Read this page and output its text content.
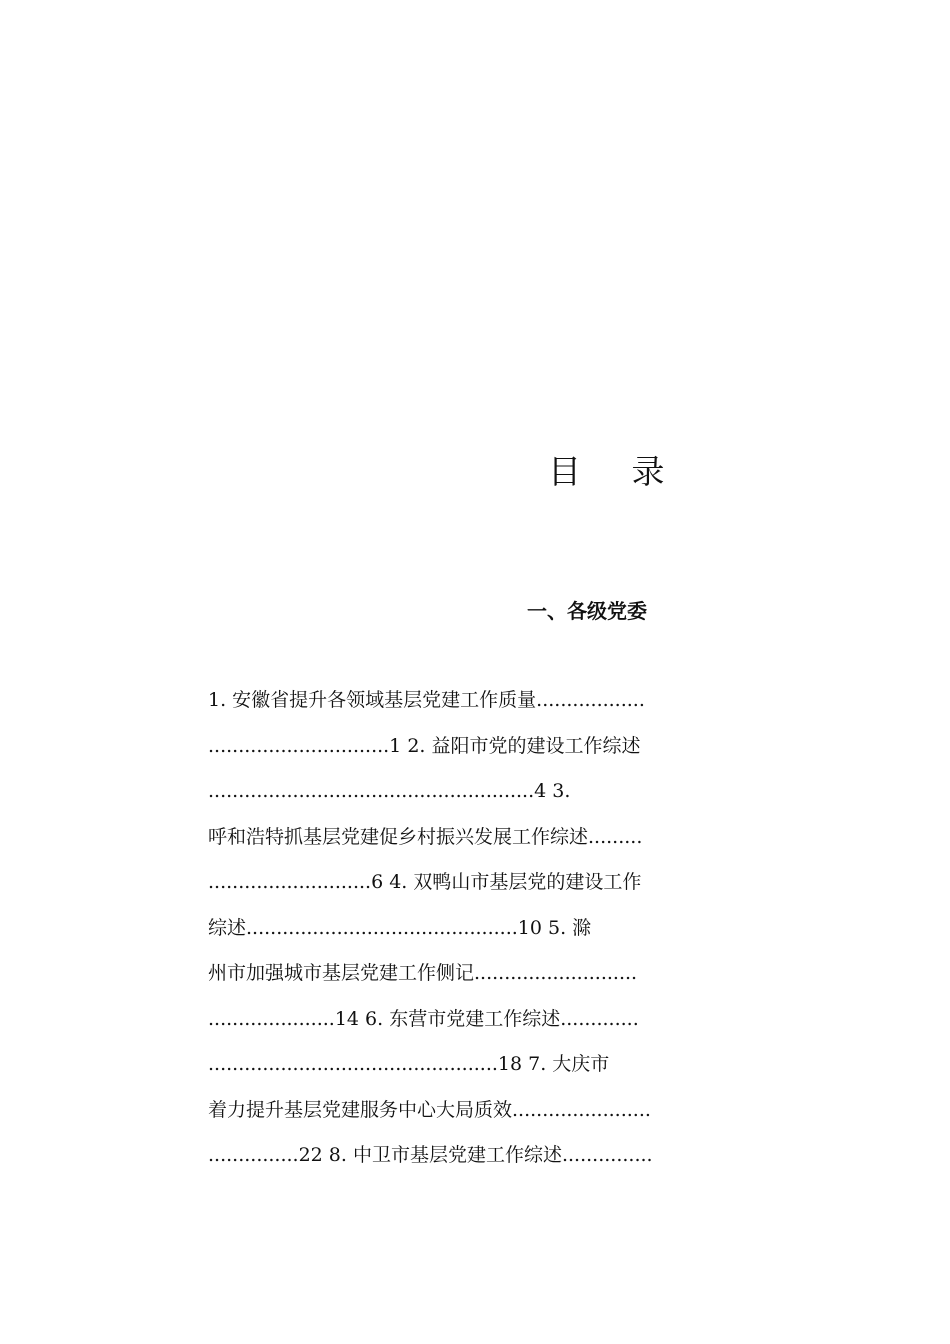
目 录
一、各级党委
1. 安徽省提升各领域基层党建工作质量..................
..............................1 2. 益阳市党的建设工作综述
......................................................4 3.
呼和浩特抓基层党建促乡村振兴发展工作综述.........
...........................6 4. 双鸭山市基层党的建设工作
综述.............................................10 5. 滁
州市加强城市基层党建工作侧记...........................
.....................14 6. 东营市党建工作综述.............
................................................18 7. 大庆市
着力提升基层党建服务中心大局质效.......................
...............22 8. 中卫市基层党建工作综述...............
